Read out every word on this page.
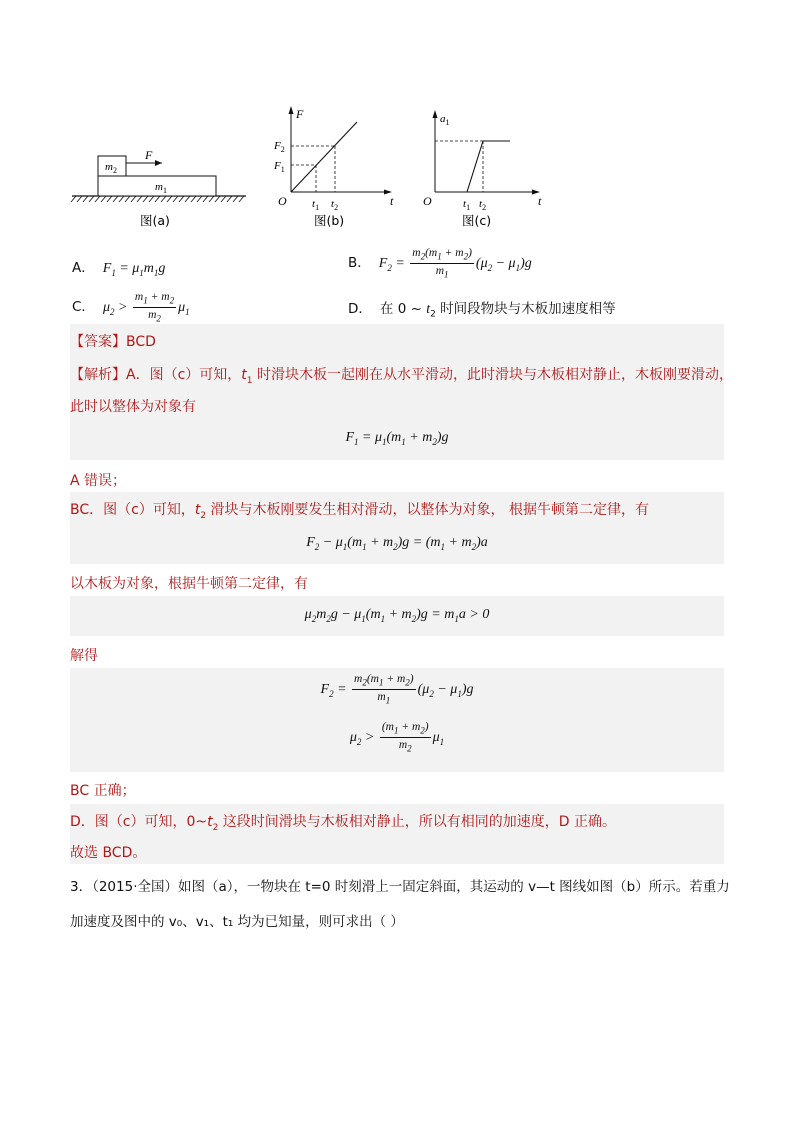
$m_2$
F
$m_1$
图(a)
F
$F_2$
$F_1$
O $t_1$ $t_2$	t
图(b)
$a_1$
O	$t_1$ $t_2$	t
图(c)
A． $F_1 = \mu_1m_1g$	B． $F_2 = \frac{m_2(m_1 + m_2)}{m_1} (\mu_2 - \mu_1)g$
C． $\mu_2 > \frac{m_1 + m_2}{m_2} \mu_1$	D． 在 0 ~ $t_2$ 时间段物块与木板加速度相等
【答案】BCD
【解析】A．图（c）可知，$t_1$ 时滑块木板一起刚在从水平滑动，此时滑块与木板相对静止，木板刚要滑动，
此时以整体为对象有
$F_1 = \mu_1(m_1 + m_2)g$
A 错误；
BC．图（c）可知，$t_2$ 滑块与木板刚要发生相对滑动，以整体为对象， 根据牛顿第二定律，有
$F_2 - \mu_1(m_1 + m_2)g = (m_1 + m_2)a$
以木板为对象，根据牛顿第二定律，有
$\mu_2m_2g - \mu_1(m_1 + m_2)g = m_1a > 0$
解得
$F_2 = \frac{m_2(m_1 + m_2)}{m_1} (\mu_2 - \mu_1)g$
$\mu_2 > \frac{(m_1 + m_2)}{m_2} \mu_1$
BC 正确；
D．图（c）可知，$0\sim t_2$ 这段时间滑块与木板相对静止，所以有相同的加速度，D 正确。
故选 BCD。
3．（2015·全国）如图（a），一物块在 t=0 时刻滑上一固定斜面，其运动的 v—t 图线如图（b）所示。若重力
加速度及图中的 v₀、v₁、t₁ 均为已知量，则可求出（ ）
